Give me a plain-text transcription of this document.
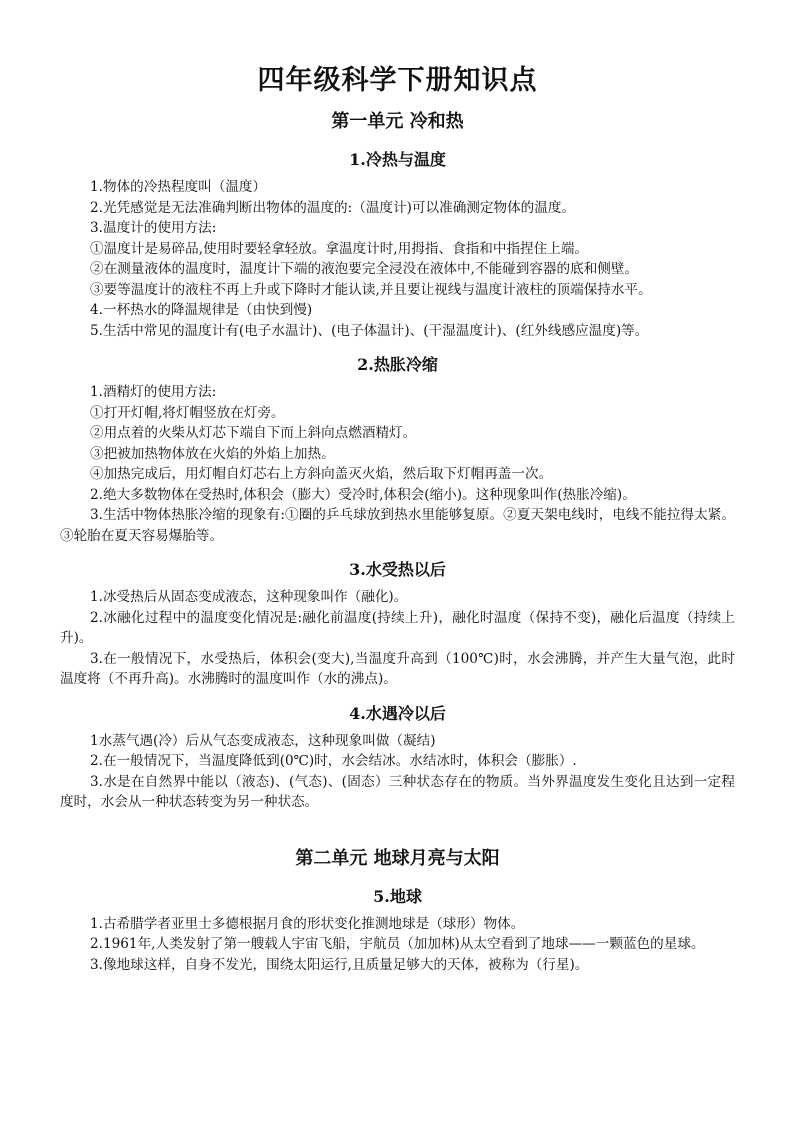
四年级科学下册知识点
第一单元 冷和热
1.冷热与温度

1.物体的冷热程度叫（温度）

2.光凭感觉是无法准确判断出物体的温度的:（温度计)可以准确测定物体的温度。

3.温度计的使用方法:

①温度计是易碎品,使用时要轻拿轻放。拿温度计时,用拇指、食指和中指捏住上端。

②在测量液体的温度时，温度计下端的液泡要完全浸没在液体中,不能碰到容器的底和侧壁。

③要等温度计的液柱不再上升或下降时才能认读,并且要让视线与温度计液柱的顶端保持水平。

4.一杯热水的降温规律是（由快到慢)

5.生活中常见的温度计有(电子水温计)、(电子体温计)、(干湿温度计)、(红外线感应温度)等。

2.热胀冷缩

1.酒精灯的使用方法:

①打开灯帽,将灯帽竖放在灯旁。

②用点着的火柴从灯芯下端自下而上斜向点燃酒精灯。

③把被加热物体放在火焰的外焰上加热。

④加热完成后，用灯帽自灯芯右上方斜向盖灭火焰，然后取下灯帽再盖一次。

2.绝大多数物体在受热时,体积会（膨大）受冷时,体积会(缩小)。这种现象叫作(热胀冷缩)。

3.生活中物体热胀冷缩的现象有:①圈的乒乓球放到热水里能够复原。②夏天架电线时，电线不能拉得太紧。③轮胎在夏天容易爆胎等。

3.水受热以后

1.冰受热后从固态变成液态，这种现象叫作（融化)。

2.冰融化过程中的温度变化情况是:融化前温度(持续上升)，融化时温度（保持不变)，融化后温度（持续上升)。

3.在一般情况下，水受热后，体积会(变大),当温度升高到（100℃)时，水会沸腾，并产生大量气泡，此时温度将（不再升高)。水沸腾时的温度叫作（水的沸点)。

4.水遇冷以后

1水蒸气遇(冷）后从气态变成液态，这种现象叫做（凝结)

2.在一般情况下，当温度降低到(0℃)时，水会结冰。水结冰时，体积会（膨胀）.

3.水是在自然界中能以（液态)、(气态)、(固态）三种状态存在的物质。当外界温度发生变化且达到一定程度时，水会从一种状态转变为另一种状态。

第二单元 地球月亮与太阳
5.地球

1.古希腊学者亚里士多德根据月食的形状变化推测地球是（球形）物体。

2.1961年,人类发射了第一艘载人宇宙飞船，宇航员（加加林)从太空看到了地球——一颗蓝色的星球。

3.像地球这样，自身不发光，围绕太阳运行,且质量足够大的天体，被称为（行星)。
